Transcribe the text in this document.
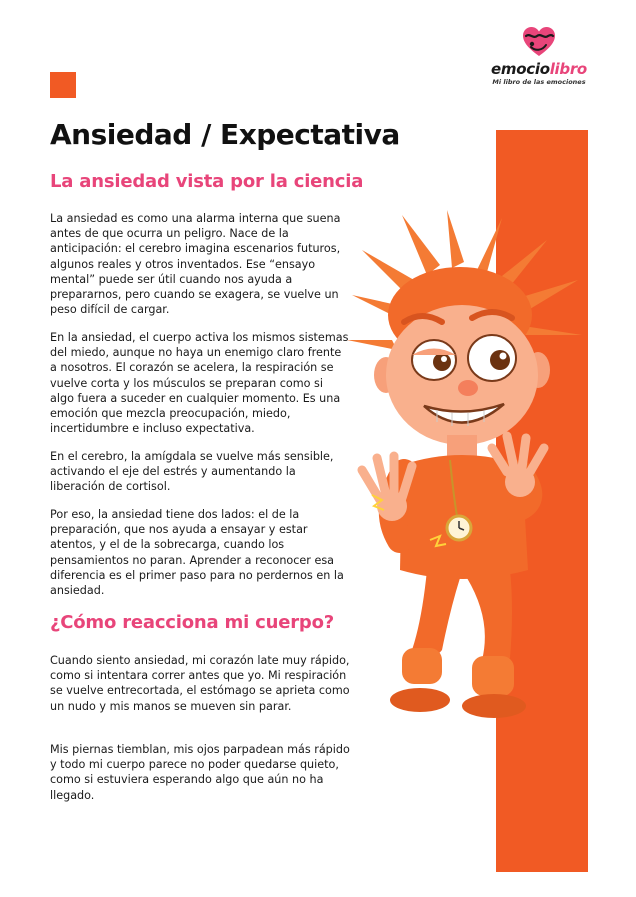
emociolibro
Mi libro de las emociones
Ansiedad / Expectativa
La ansiedad vista por la ciencia

La ansiedad es como una alarma interna que suena antes de que ocurra un peligro. Nace de la anticipación: el cerebro imagina escenarios futuros, algunos reales y otros inventados. Ese “ensayo mental” puede ser útil cuando nos ayuda a prepararnos, pero cuando se exagera, se vuelve un peso difícil de cargar.

En la ansiedad, el cuerpo activa los mismos sistemas del miedo, aunque no haya un enemigo claro frente a nosotros. El corazón se acelera, la respiración se vuelve corta y los músculos se preparan como si algo fuera a suceder en cualquier momento. Es una emoción que mezcla preocupación, miedo, incertidumbre e incluso expectativa.

En el cerebro, la amígdala se vuelve más sensible, activando el eje del estrés y aumentando la liberación de cortisol.

Por eso, la ansiedad tiene dos lados: el de la preparación, que nos ayuda a ensayar y estar atentos, y el de la sobrecarga, cuando los pensamientos no paran. Aprender a reconocer esa diferencia es el primer paso para no perdernos en la ansiedad.

¿Cómo reacciona mi cuerpo?

Cuando siento ansiedad, mi corazón late muy rápido, como si intentara correr antes que yo. Mi respiración se vuelve entrecortada, el estómago se aprieta como un nudo y mis manos se mueven sin parar.

Mis piernas tiemblan, mis ojos parpadean más rápido y todo mi cuerpo parece no poder quedarse quieto, como si estuviera esperando algo que aún no ha llegado.
